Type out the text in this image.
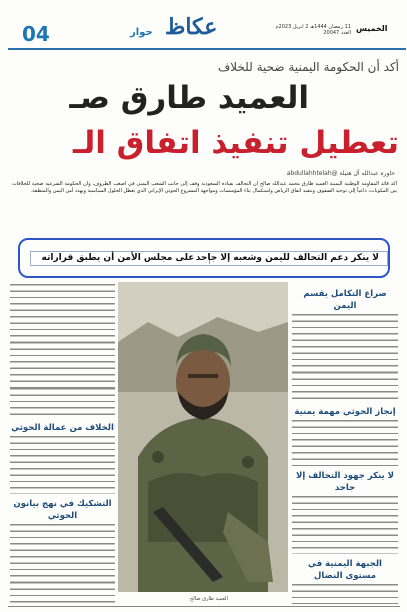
04	حوار عكاظ	11 رمضان 1444هـ 2 ابريل 2023م العدد 20047 الخميس
أكد أن الحكومة اليمنية ضحية للخلاف
العميد طارق صـ
تعطيل تنفيذ اتفاق الـ
حاوره عبدالله آل هتيلة @abdullahhtelah
أكد قائد المقاومة الوطنية اليمنية العميد طارق محمد عبدالله صالح أن التحالف بقيادة السعودية وقف إلى جانب الشعب اليمني في أصعب الظروف، وأن الحكومة الشرعية ضحية للخلافات بين المكونات، داعياً إلى توحيد الصفوف وتنفيذ اتفاق الرياض واستكمال بناء المؤسسات ومواجهة المشروع الحوثي الإيراني الذي يعطل الحلول السياسية ويهدد أمن اليمن والمنطقة.
على مجلس الأمن أن يطبق قراراته لا ينكر دعم التحالف لليمن وشعبه إلا جاحد
الخلاف من عمالة الحوثي
التشكيك في نهج بيانون الحوثي
العميد طارق صالح
صراع التكامل يقسم اليمن
إنجاز الحوثي مهمة يمنية
لا ينكر جهود التحالف إلا جاحد
الجبهة اليمنية في مستوى النضال
